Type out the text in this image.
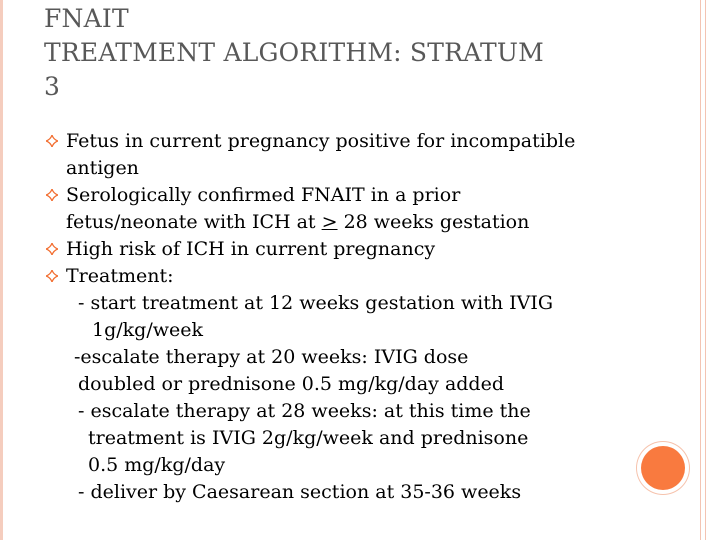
FNAIT
TREATMENT ALGORITHM: STRATUM
3
Fetus in current pregnancy positive for incompatible
antigen
Serologically confirmed FNAIT in a prior
fetus/neonate with ICH at ≥ 28 weeks gestation
High risk of ICH in current pregnancy
Treatment:
- start treatment at 12 weeks gestation with IVIG
1g/kg/week
-escalate therapy at 20 weeks: IVIG dose
doubled or prednisone 0.5 mg/kg/day added
- escalate therapy at 28 weeks: at this time the
treatment is IVIG 2g/kg/week and prednisone
0.5 mg/kg/day
- deliver by Caesarean section at 35-36 weeks
